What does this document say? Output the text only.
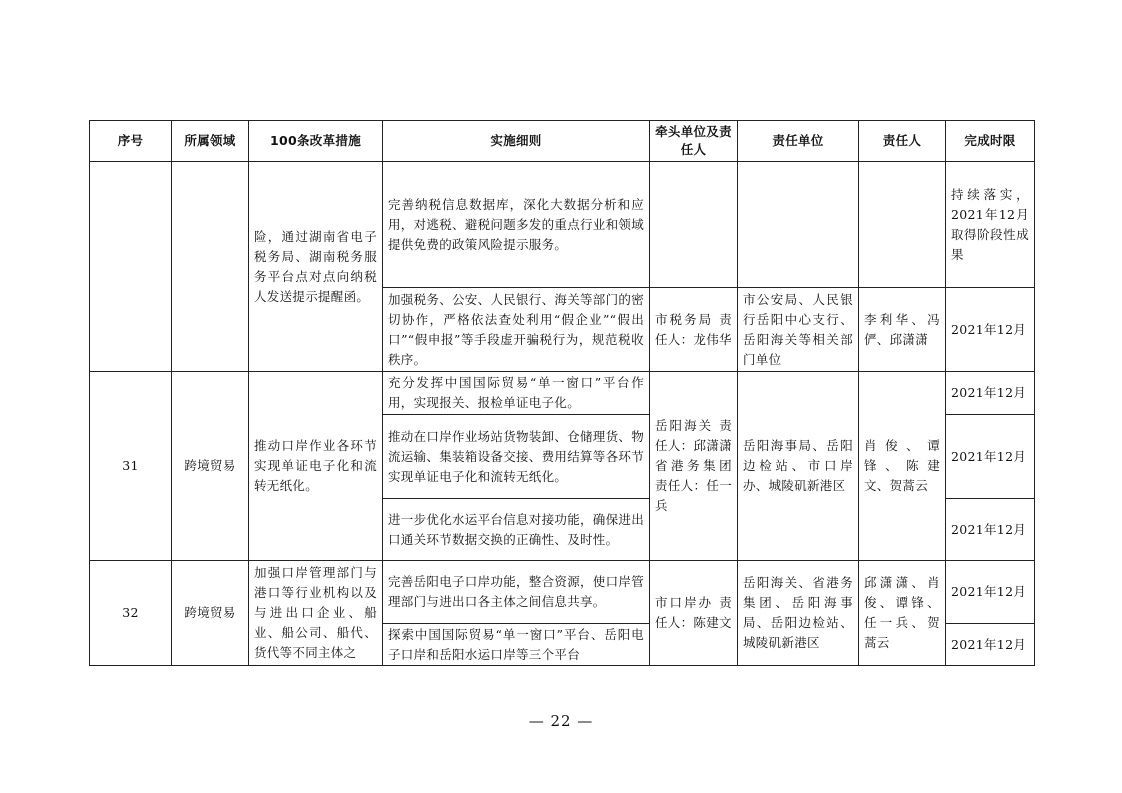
序号	所属领域	100条改革措施	实施细则	牵头单位及责任人	责任单位	责任人	完成时限
		险，通过湖南省电子税务局、湖南税务服务平台点对点向纳税人发送提示提醒函。	完善纳税信息数据库，深化大数据分析和应用，对逃税、避税问题多发的重点行业和领域提供免费的政策风险提示服务。				持续落实，2021年12月取得阶段性成果
			加强税务、公安、人民银行、海关等部门的密切协作，严格依法查处利用“假企业”“假出口”“假申报”等手段虚开骗税行为，规范税收秩序。	市税务局 责任人：龙伟华	市公安局、人民银行岳阳中心支行、岳阳海关等相关部门单位	李利华、冯俨、邱潇潇	2021年12月
31	跨境贸易	推动口岸作业各环节实现单证电子化和流转无纸化。	充分发挥中国国际贸易“单一窗口”平台作用，实现报关、报检单证电子化。	岳阳海关 责任人：邱潇潇 省港务集团 责任人：任一兵	岳阳海事局、岳阳边检站、市口岸办、城陵矶新港区	肖俊、谭锋、陈建文、贺蒿云	2021年12月
			推动在口岸作业场站货物装卸、仓储理货、物流运输、集装箱设备交接、费用结算等各环节实现单证电子化和流转无纸化。				2021年12月
			进一步优化水运平台信息对接功能，确保进出口通关环节数据交换的正确性、及时性。				2021年12月
32	跨境贸易	加强口岸管理部门与港口等行业机构以及与进出口企业、船业、船公司、船代、货代等不同主体之	完善岳阳电子口岸功能，整合资源，使口岸管理部门与进出口各主体之间信息共享。	市口岸办 责任人：陈建文	岳阳海关、省港务集团、岳阳海事局、岳阳边检站、城陵矶新港区	邱潇潇、肖俊、谭锋、任一兵、贺蒿云	2021年12月
			探索中国国际贸易“单一窗口”平台、岳阳电子口岸和岳阳水运口岸等三个平台				2021年12月
— 22 —
